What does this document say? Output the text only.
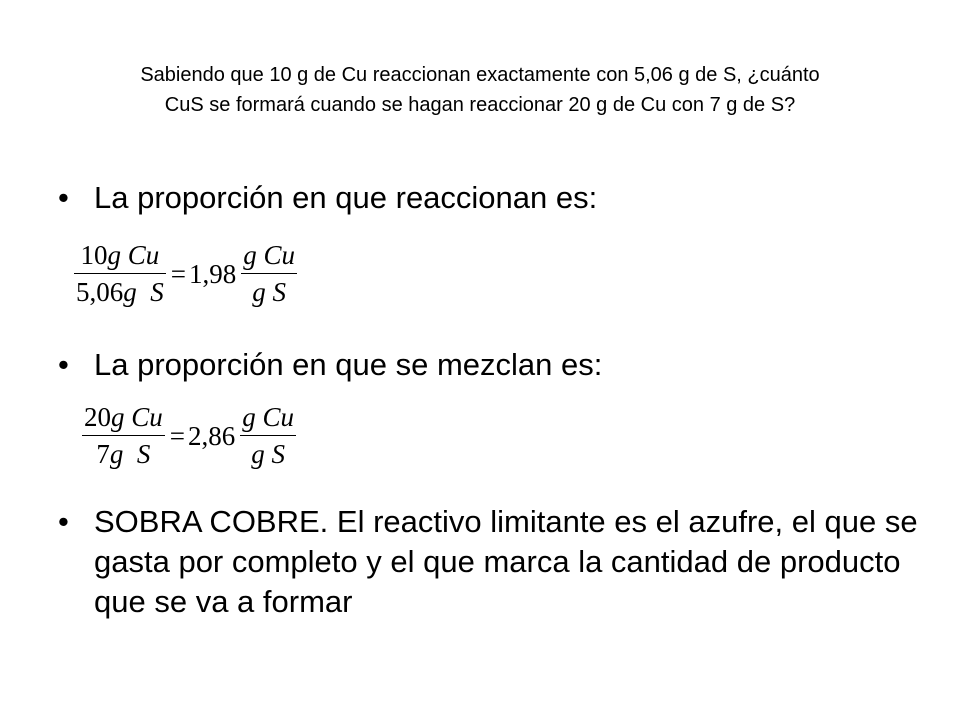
Sabiendo que 10 g de Cu reaccionan exactamente con 5,06 g de S, ¿cuánto
CuS se formará cuando se hagan reaccionar 20 g de Cu con 7 g de S?
• La proporción en que reaccionan es:
$\frac{\text{10g Cu}}{\text{5,06g  S}} = 1,98 \frac{\text{g Cu}}{\text{g S}}$
• La proporción en que se mezclan es:
$\frac{\text{20g Cu}}{\text{7g  S}} = 2,86 \frac{\text{g Cu}}{\text{g S}}$
• SOBRA COBRE. El reactivo limitante es el azufre, el que se gasta por completo y el que marca la cantidad de producto que se va a formar
